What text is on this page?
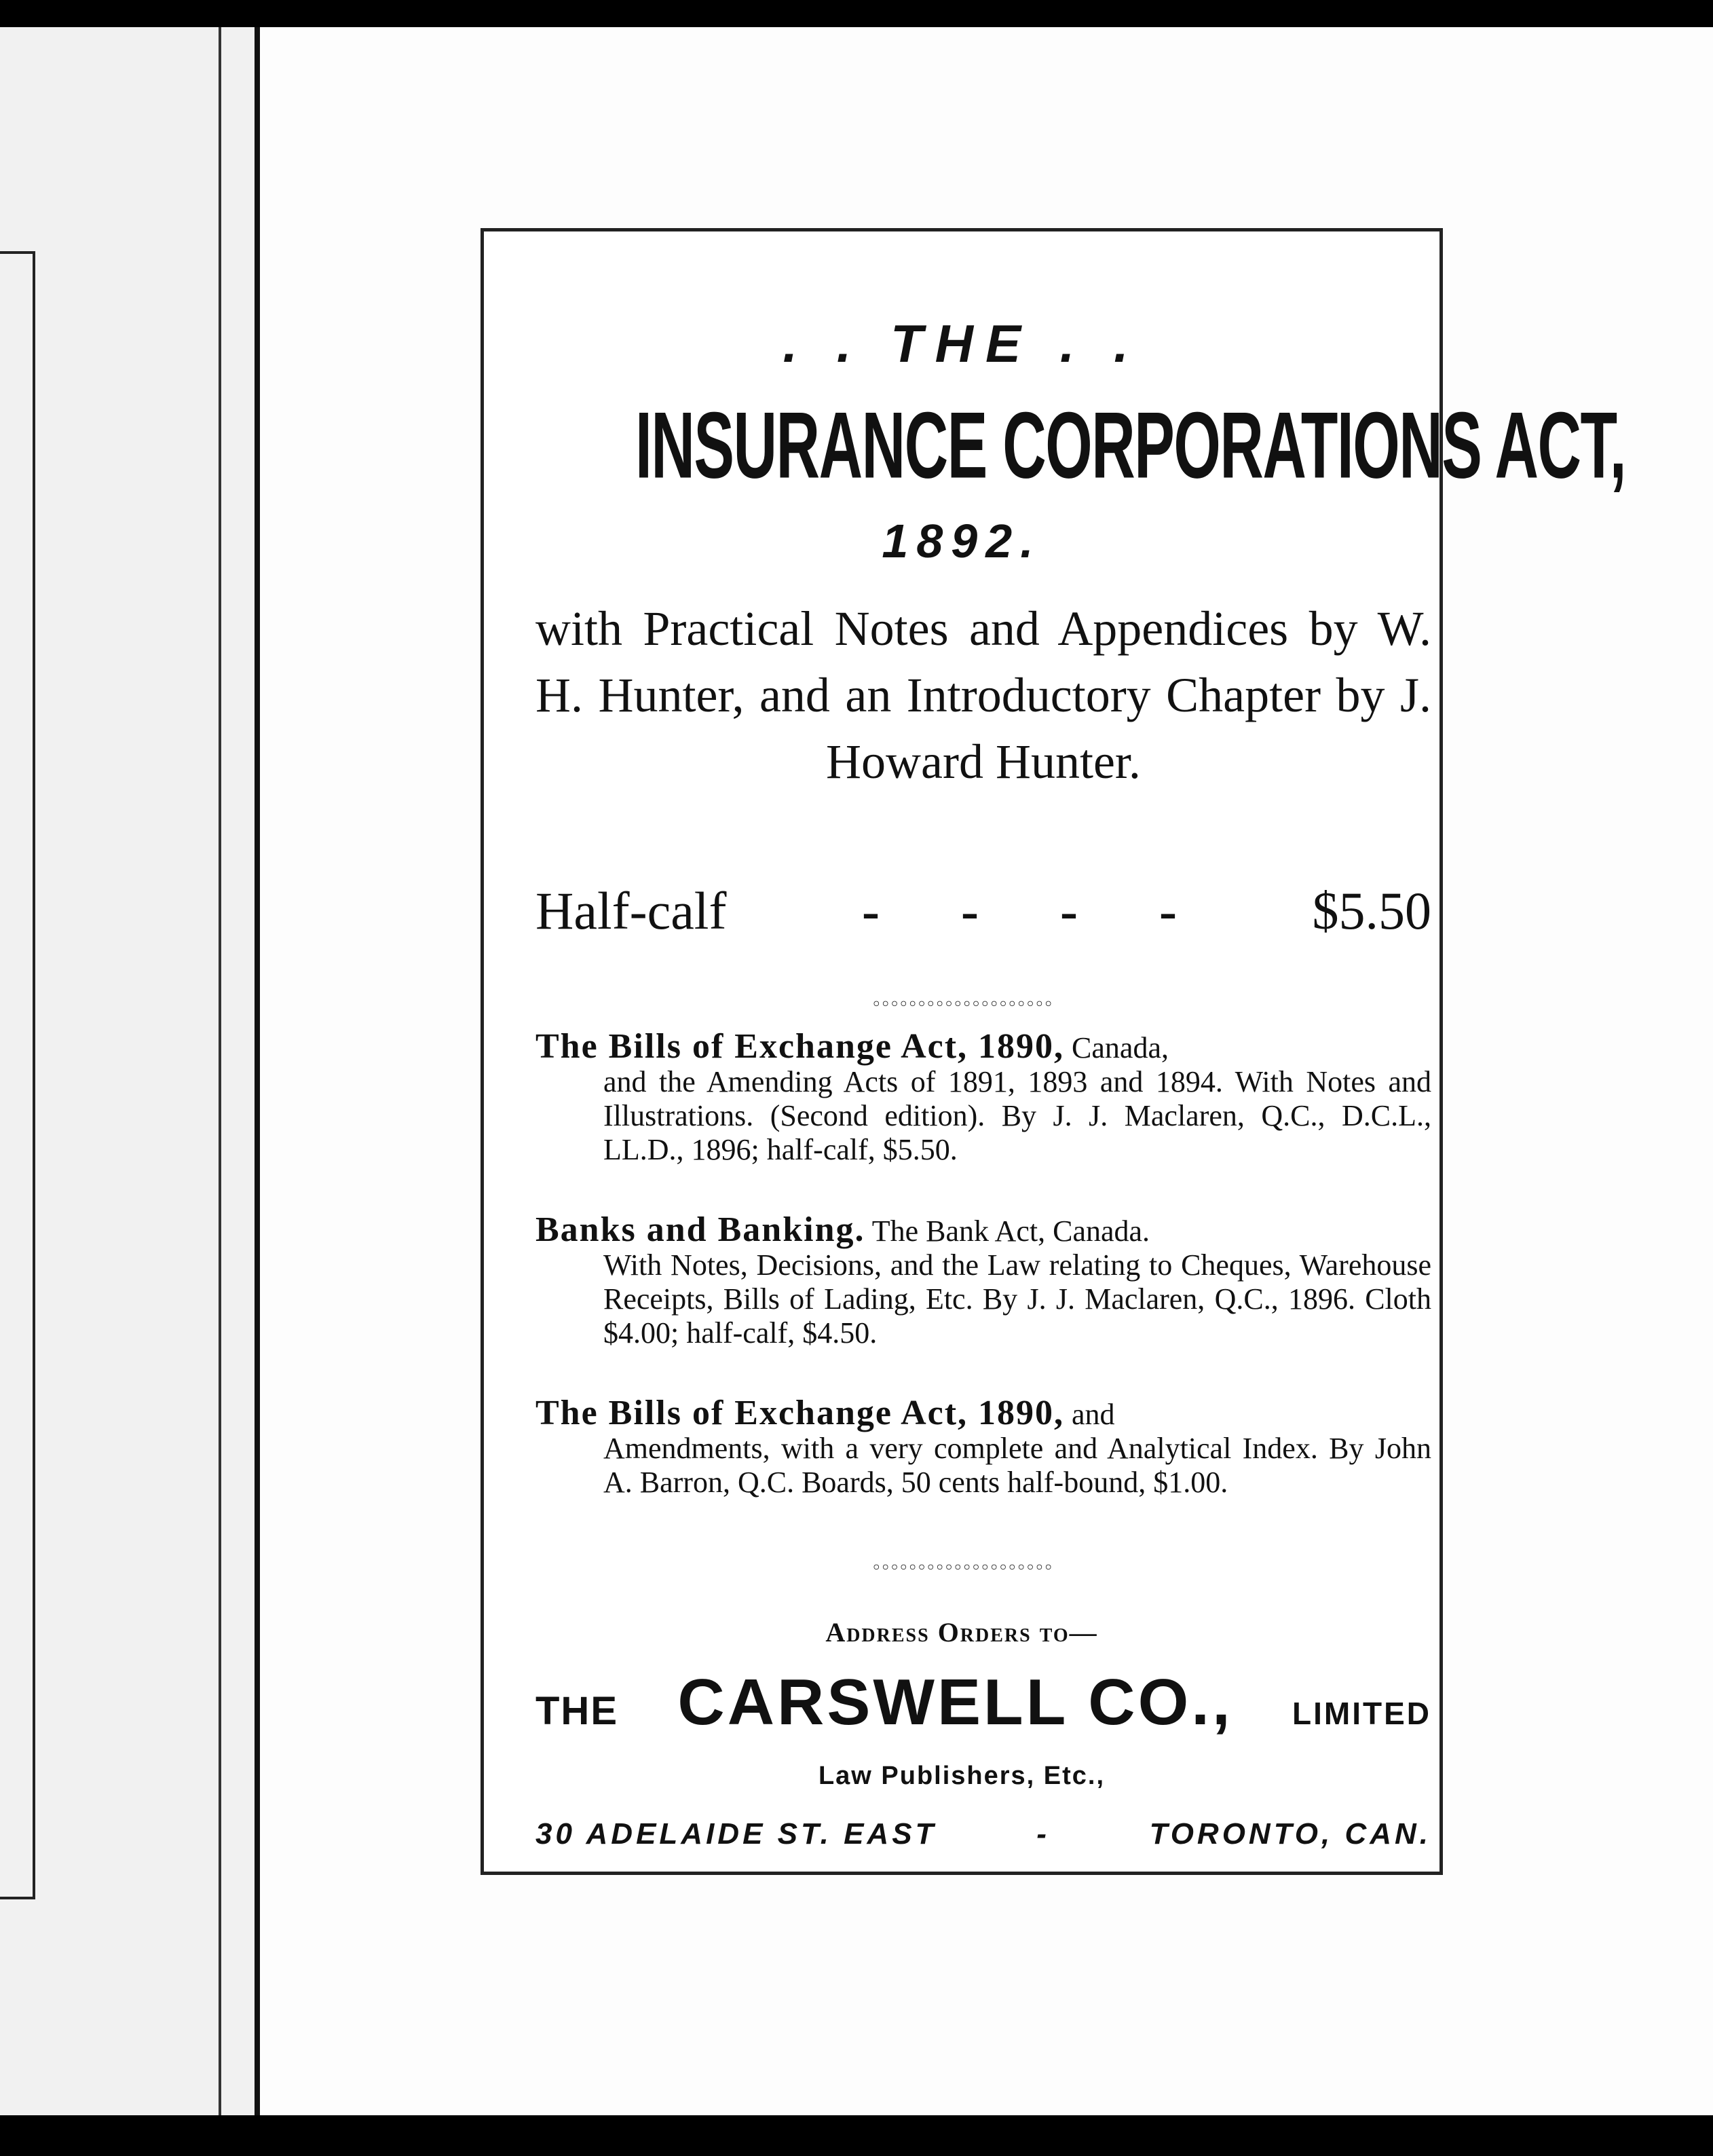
. . THE . .
INSURANCE CORPORATIONS ACT,
1892.
with Practical Notes and Appendices by W. H. Hunter, and an Introductory Chapter by J. Howard Hunter.
Half-calf	- - - -	$5.50
◦◦◦◦◦◦◦◦◦◦◦◦◦◦◦◦◦◦◦◦
The Bills of Exchange Act, 1890, Canada,
and the Amending Acts of 1891, 1893 and 1894. With Notes and Illustrations. (Second edition). By J. J. Maclaren, Q.C., D.C.L., LL.D., 1896; half-calf, $5.50.
Banks and Banking. The Bank Act, Canada.
With Notes, Decisions, and the Law relating to Cheques, Warehouse Receipts, Bills of Lading, Etc. By J. J. Maclaren, Q.C., 1896. Cloth $4.00; half-calf, $4.50.
The Bills of Exchange Act, 1890, and
Amendments, with a very complete and Analytical Index. By John A. Barron, Q.C. Boards, 50 cents half-bound, $1.00.
◦◦◦◦◦◦◦◦◦◦◦◦◦◦◦◦◦◦◦◦
Address Orders to—
THE CARSWELL CO., LIMITED
Law Publishers, Etc.,
30 ADELAIDE ST. EAST	-	TORONTO, CAN.
